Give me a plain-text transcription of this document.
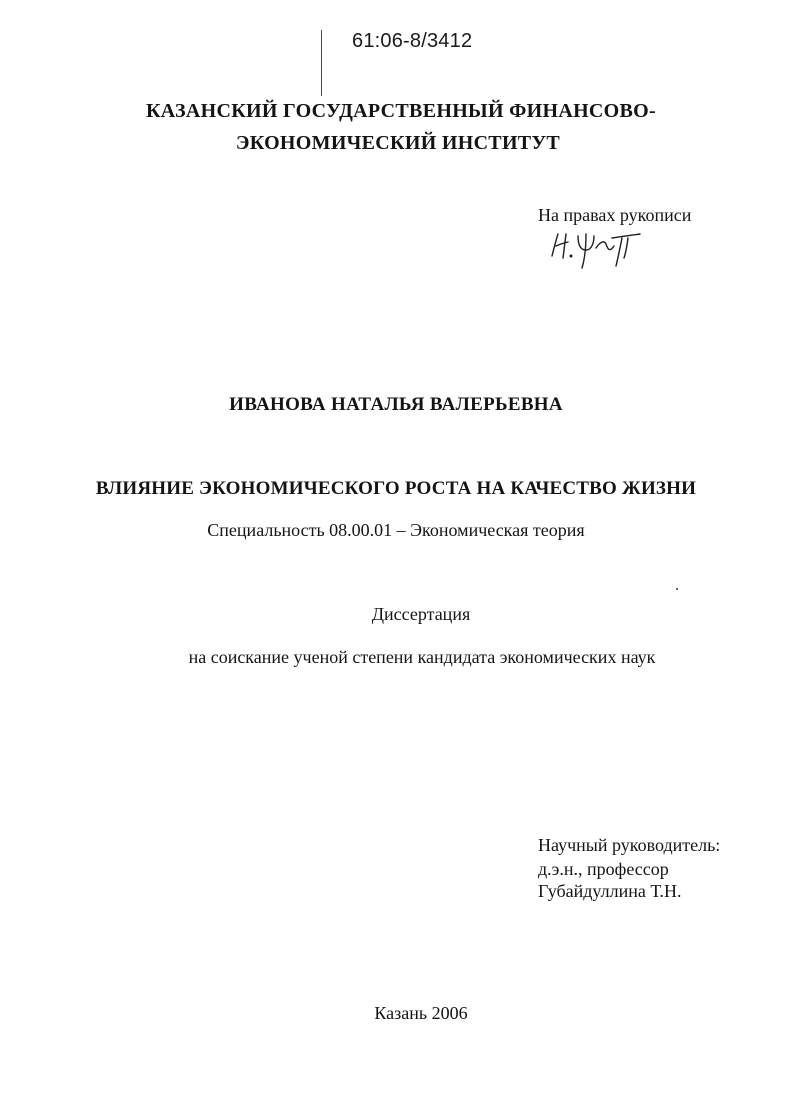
61:06-8/3412
КАЗАНСКИЙ ГОСУДАРСТВЕННЫЙ ФИНАНСОВО-
ЭКОНОМИЧЕСКИЙ ИНСТИТУТ
На правах рукописи
ИВАНОВА НАТАЛЬЯ ВАЛЕРЬЕВНА
ВЛИЯНИЕ ЭКОНОМИЧЕСКОГО РОСТА НА КАЧЕСТВО ЖИЗНИ
Специальность 08.00.01 – Экономическая теория
Диссертация
на соискание ученой степени кандидата экономических наук
Научный руководитель:
д.э.н., профессор
Губайдуллина Т.Н.
Казань 2006
